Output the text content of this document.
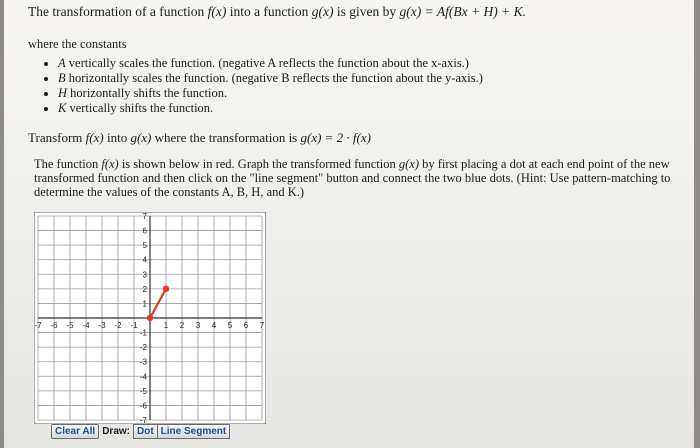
The transformation of a function f(x) into a function g(x) is given by g(x) = Af(Bx + H) + K.
where the constants
• A vertically scales the function. (negative A reflects the function about the x-axis.)
• B horizontally scales the function. (negative B reflects the function about the y-axis.)
• H horizontally shifts the function.
• K vertically shifts the function.
Transform f(x) into g(x) where the transformation is g(x) = 2 · f(x)
The function f(x) is shown below in red. Graph the transformed function g(x) by first placing a dot at each end point of the new transformed function and then click on the "line segment" button and connect the two blue dots. (Hint: Use pattern-matching to determine the values of the constants A, B, H, and K.)
-7 -6 -5 -4 -3 -2 -1	1 2 3 4 5 6 7
7
6
5
4
3
2
1
-1
-2
-3
-4
-5
-6
-7
Clear All Draw: Dot Line Segment
